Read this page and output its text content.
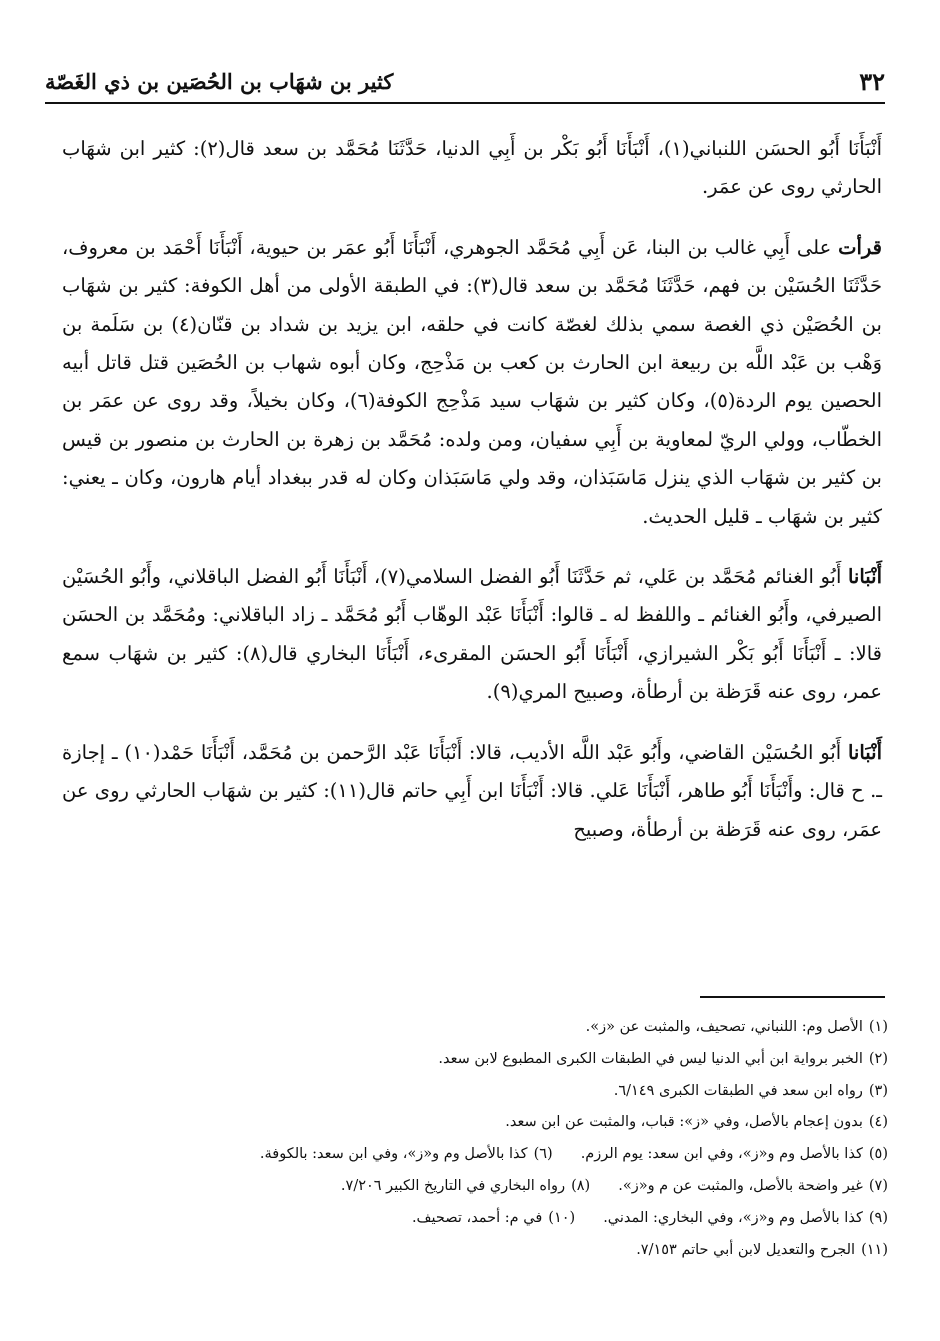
٣٢
كثير بن شهَاب بن الحُصَين بن ذي الغَصّة

أَنْبَأَنَا أَبُو الحسَن اللنباني(١)، أَنْبَأَنَا أَبُو بَكْر بن أَبِي الدنيا، حَدَّثَنَا مُحَمَّد بن سعد قال(٢): كثير ابن شهَاب الحارثي روى عن عمَر.

قرأت على أَبِي غالب بن البنا، عَن أَبِي مُحَمَّد الجوهري، أَنْبَأَنَا أَبُو عمَر بن حيوية، أَنْبَأَنَا أَحْمَد بن معروف، حَدَّثَنَا الحُسَيْن بن فهم، حَدَّثَنَا مُحَمَّد بن سعد قال(٣): في الطبقة الأولى من أهل الكوفة: كثير بن شهَاب بن الحُصَيْن ذي الغصة سمي بذلك لغصّة كانت في حلقه، ابن يزيد بن شداد بن قنّان(٤) بن سَلَمة بن وَهْب بن عَبْد اللَّه بن ربيعة ابن الحارث بن كعب بن مَذْحِج، وكان أبوه شهاب بن الحُصَين قتل قاتل أبيه الحصين يوم الردة(٥)، وكان كثير بن شهَاب سيد مَذْحِج الكوفة(٦)، وكان بخيلاً، وقد روى عن عمَر بن الخطّاب، وولي الريّ لمعاوية بن أَبِي سفيان، ومن ولده: مُحَمَّد بن زهرة بن الحارث بن منصور بن قيس بن كثير بن شهَاب الذي ينزل مَاسَبَذان، وقد ولي مَاسَبَذان وكان له قدر ببغداد أيام هارون، وكان ـ يعني: كثير بن شهَاب ـ قليل الحديث.

أَنْبَانا أَبُو الغنائم مُحَمَّد بن عَلي، ثم حَدَّثَنَا أَبُو الفضل السلامي(٧)، أَنْبَأَنَا أَبُو الفضل الباقلاني، وأَبُو الحُسَيْن الصيرفي، وأَبُو الغنائم ـ واللفظ له ـ قالوا: أَنْبَأَنَا عَبْد الوهّاب أَبُو مُحَمَّد ـ زاد الباقلاني: ومُحَمَّد بن الحسَن قالا: ـ أَنْبَأَنَا أَبُو بَكْر الشيرازي، أَنْبَأَنَا أَبُو الحسَن المقرىء، أَنْبَأَنَا البخاري قال(٨): كثير بن شهَاب سمع عمر، روى عنه قَرَظة بن أرطأة، وصبيح المري(٩).

أَنْبَانا أَبُو الحُسَيْن القاضي، وأَبُو عَبْد اللَّه الأديب، قالا: أَنْبَأَنَا عَبْد الرَّحمن بن مُحَمَّد، أَنْبَأَنَا حَمْد(١٠) ـ إجازة ـ. ح قال: وأَنْبَأَنَا أَبُو طاهر، أَنْبَأَنَا عَلي. قالا: أَنْبَأَنَا ابن أَبِي حاتم قال(١١): كثير بن شهَاب الحارثي روى عن عمَر، روى عنه قَرَظة بن أرطأة، وصبيح

(١)الأصل وم: اللنباني، تصحيف، والمثبت عن «ز».
(٢)الخبر برواية ابن أبي الدنيا ليس في الطبقات الكبرى المطبوع لابن سعد.
(٣)رواه ابن سعد في الطبقات الكبرى ٦/١٤٩.
(٤)بدون إعجام بالأصل، وفي «ز»: قباب، والمثبت عن ابن سعد.
(٥)كذا بالأصل وم و«ز»، وفي ابن سعد: يوم الرزم.
(٦)كذا بالأصل وم و«ز»، وفي ابن سعد: بالكوفة.
(٧)غير واضحة بالأصل، والمثبت عن م و«ز».
(٨)رواه البخاري في التاريخ الكبير ٧/٢٠٦.
(٩)كذا بالأصل وم و«ز»، وفي البخاري: المدني.
(١٠)في م: أحمد، تصحيف.
(١١)الجرح والتعديل لابن أبي حاتم ٧/١٥٣.
